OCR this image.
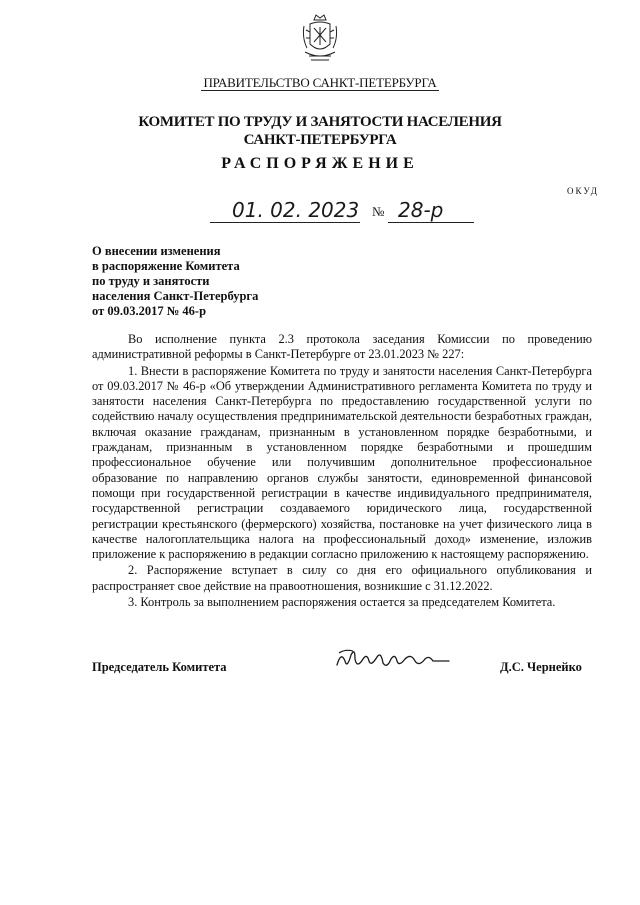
ПРАВИТЕЛЬСТВО САНКТ-ПЕТЕРБУРГА
КОМИТЕТ ПО ТРУДУ И ЗАНЯТОСТИ НАСЕЛЕНИЯ
САНКТ-ПЕТЕРБУРГА
РАСПОРЯЖЕНИЕ
ОКУД
01. 02. 2023 № 28-р
О внесении изменения
в распоряжение Комитета
по труду и занятости
населения Санкт-Петербурга
от 09.03.2017 № 46-р

Во исполнение пункта 2.3 протокола заседания Комиссии по проведению административной реформы в Санкт-Петербурге от 23.01.2023 № 227:

1. Внести в распоряжение Комитета по труду и занятости населения Санкт-Петербурга от 09.03.2017 № 46-р «Об утверждении Административного регламента Комитета по труду и занятости населения Санкт-Петербурга по предоставлению государственной услуги по содействию началу осуществления предпринимательской деятельности безработных граждан, включая оказание гражданам, признанным в установленном порядке безработными, и гражданам, признанным в установленном порядке безработными и прошедшим профессиональное обучение или получившим дополнительное профессиональное образование по направлению органов службы занятости, единовременной финансовой помощи при государственной регистрации в качестве индивидуального предпринимателя, государственной регистрации создаваемого юридического лица, государственной регистрации крестьянского (фермерского) хозяйства, постановке на учет физического лица в качестве налогоплательщика налога на профессиональный доход» изменение, изложив приложение к распоряжению в редакции согласно приложению к настоящему распоряжению.

2. Распоряжение вступает в силу со дня его официального опубликования и распространяет свое действие на правоотношения, возникшие с 31.12.2022.

3. Контроль за выполнением распоряжения остается за председателем Комитета.

Председатель Комитета	Д.С. Чернейко
